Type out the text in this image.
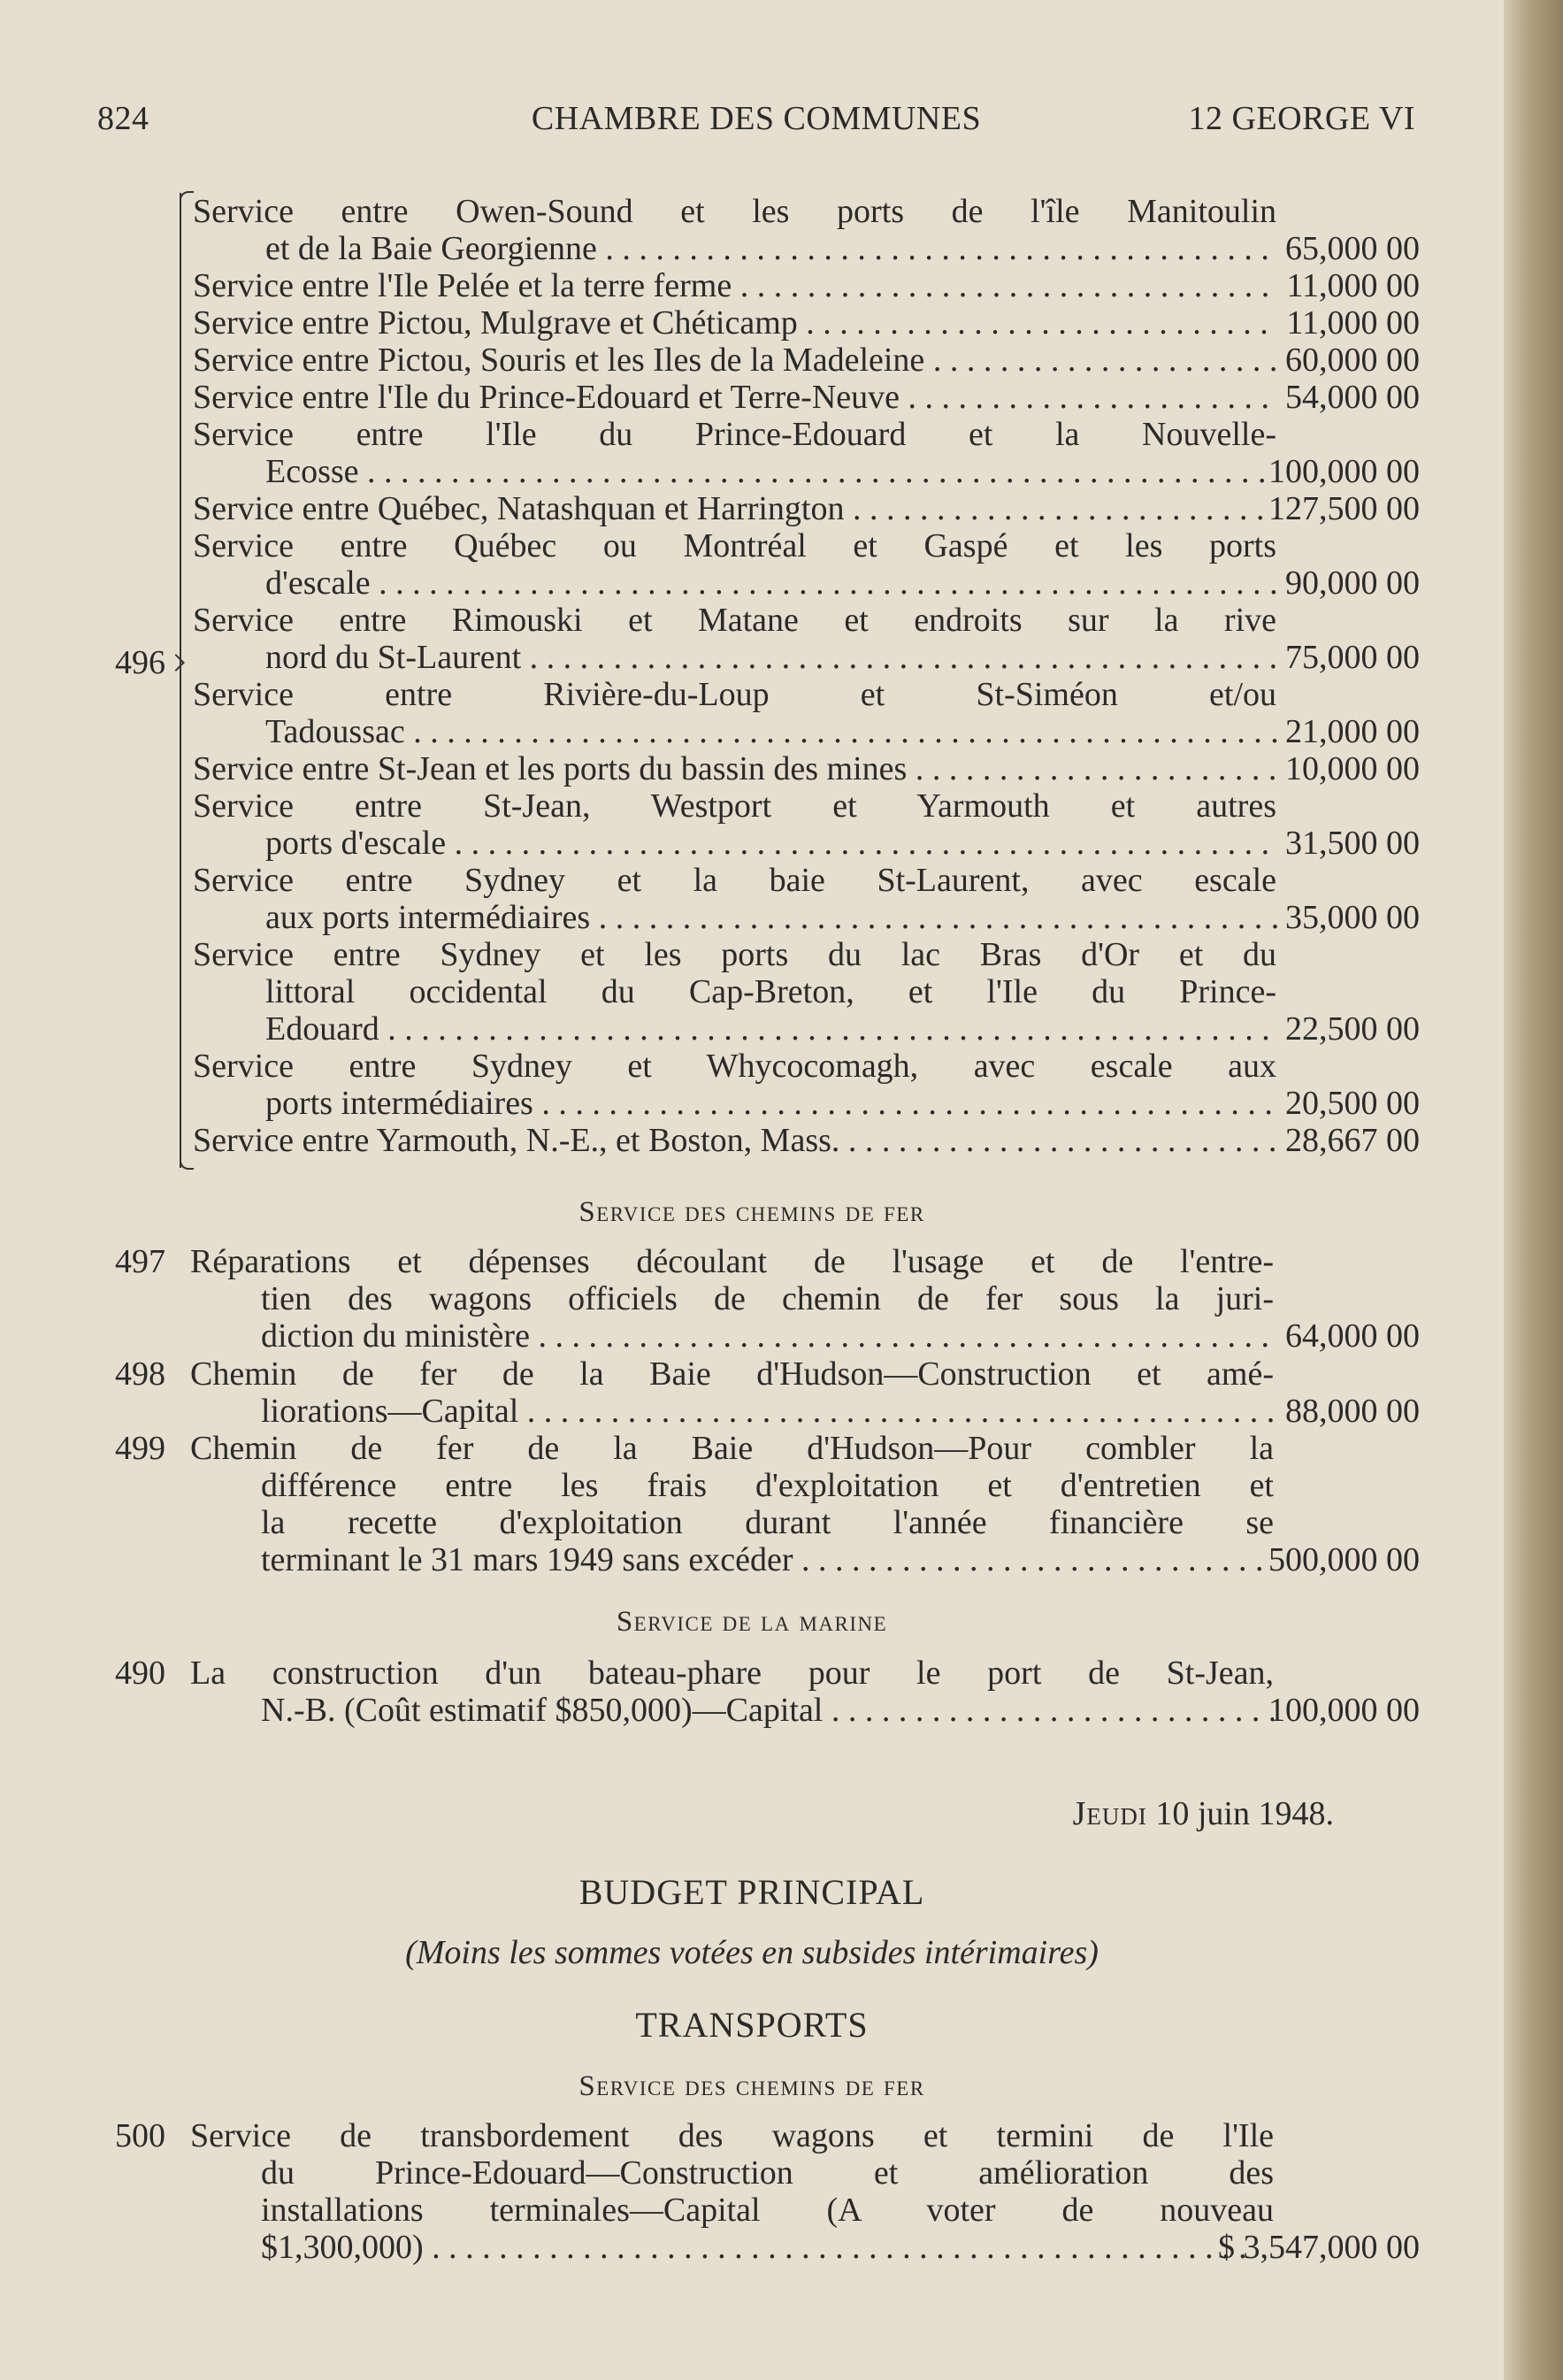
824	CHAMBRE DES COMMUNES	12 GEORGE VI
496
Service entre Owen-Sound et les ports de l'île Manitoulin
et de la Baie Georgienne . . .	65,000 00
Service entre l'Ile Pelée et la terre ferme . . .	11,000 00
Service entre Pictou, Mulgrave et Chéticamp . . .	11,000 00
Service entre Pictou, Souris et les Iles de la Madeleine . . .	60,000 00
Service entre l'Ile du Prince-Edouard et Terre-Neuve . . .	54,000 00
Service entre l'Ile du Prince-Edouard et la Nouvelle-
Ecosse . . .	100,000 00
Service entre Québec, Natashquan et Harrington . . .	127,500 00
Service entre Québec ou Montréal et Gaspé et les ports
d'escale . . .	90,000 00
Service entre Rimouski et Matane et endroits sur la rive
nord du St-Laurent . . .	75,000 00
Service entre Rivière-du-Loup et St-Siméon et/ou
Tadoussac . . .	21,000 00
Service entre St-Jean et les ports du bassin des mines . . .	10,000 00
Service entre St-Jean, Westport et Yarmouth et autres
ports d'escale . . .	31,500 00
Service entre Sydney et la baie St-Laurent, avec escale
aux ports intermédiaires . . .	35,000 00
Service entre Sydney et les ports du lac Bras d'Or et du
littoral occidental du Cap-Breton, et l'Ile du Prince-
Edouard . . .	22,500 00
Service entre Sydney et Whycocomagh, avec escale aux
ports intermédiaires . . .	20,500 00
Service entre Yarmouth, N.-E., et Boston, Mass. . . .	28,667 00
Service des chemins de fer
497 Réparations et dépenses découlant de l'usage et de l'entre-
tien des wagons officiels de chemin de fer sous la juri-
diction du ministère . . .	64,000 00
498 Chemin de fer de la Baie d'Hudson—Construction et amé-
liorations—Capital . . .	88,000 00
499 Chemin de fer de la Baie d'Hudson—Pour combler la
différence entre les frais d'exploitation et d'entretien et
la recette d'exploitation durant l'année financière se
terminant le 31 mars 1949 sans excéder . . .	500,000 00
Service de la marine
490 La construction d'un bateau-phare pour le port de St-Jean,
N.-B. (Coût estimatif $850,000)—Capital . . .	100,000 00
Jeudi 10 juin 1948.
BUDGET PRINCIPAL
(Moins les sommes votées en subsides intérimaires)
TRANSPORTS
Service des chemins de fer
500 Service de transbordement des wagons et termini de l'Ile
du Prince-Edouard—Construction et amélioration des
installations terminales—Capital (A voter de nouveau
$1,300,000) . . .	$ 3,547,000 00
